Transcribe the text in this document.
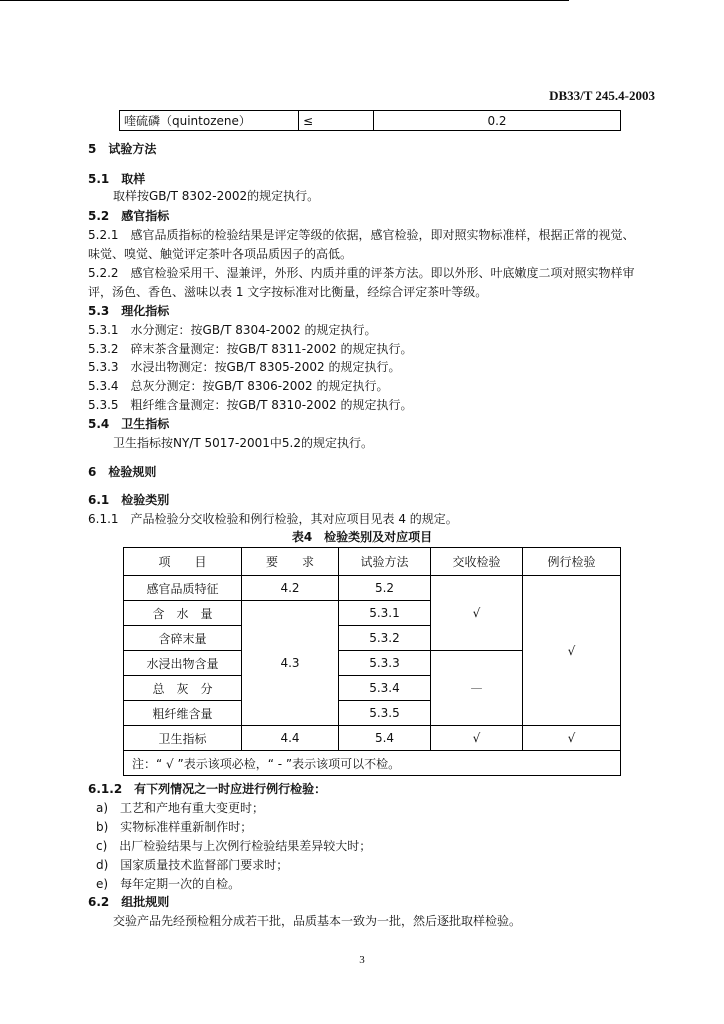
DB33/T 245.4-2003
喹硫磷（quintozene）	≤	0.2
5　试验方法
5.1　取样
取样按GB/T 8302-2002的规定执行。
5.2　感官指标
5.2.1　感官品质指标的检验结果是评定等级的依据，感官检验，即对照实物标准样，根据正常的视觉、
味觉、嗅觉、触觉评定茶叶各项品质因子的高低。
5.2.2　感官检验采用干、湿兼评，外形、内质并重的评茶方法。即以外形、叶底嫩度二项对照实物样审
评，汤色、香色、滋味以表 1 文字按标准对比衡量，经综合评定茶叶等级。
5.3　理化指标
5.3.1　水分测定：按GB/T 8304-2002 的规定执行。
5.3.2　碎末茶含量测定：按GB/T 8311-2002 的规定执行。
5.3.3　水浸出物测定：按GB/T 8305-2002 的规定执行。
5.3.4　总灰分测定：按GB/T 8306-2002 的规定执行。
5.3.5　粗纤维含量测定：按GB/T 8310-2002 的规定执行。
5.4　卫生指标
卫生指标按NY/T 5017-2001中5.2的规定执行。
6　检验规则
6.1　检验类别
6.1.1　产品检验分交收检验和例行检验，其对应项目见表 4 的规定。
表4　检验类别及对应项目
项　　目	要　　求	试验方法	交收检验	例行检验
感官品质特征	4.2	5.2	√	√
含　水　量	4.3	5.3.1		
含碎末量		5.3.2		
水浸出物含量		5.3.3	—	
总　灰　分		5.3.4		
粗纤维含量		5.3.5		
卫生指标	4.4	5.4	√	√
注：“ √ ”表示该项必检，“ - ”表示该项可以不检。				
6.1.2　有下列情况之一时应进行例行检验：
a)　工艺和产地有重大变更时；
b)　实物标准样重新制作时；
c)　出厂检验结果与上次例行检验结果差异较大时；
d)　国家质量技术监督部门要求时；
e)　每年定期一次的自检。
6.2　组批规则
交验产品先经预检粗分成若干批，品质基本一致为一批，然后逐批取样检验。
3
